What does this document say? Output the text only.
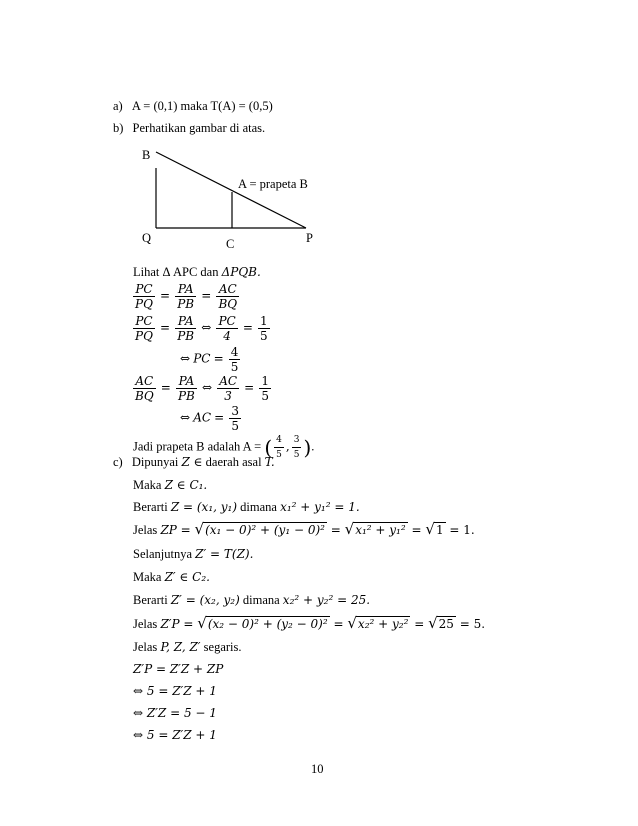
a) A = (0,1) maka T(A) = (0,5)
b) Perhatikan gambar di atas.
B
A = prapeta B
Q	C	P
Lihat Δ APC dan ΔPQB.
$\frac{PC}{PQ} = \frac{PA}{PB} = \frac{AC}{BQ}$
$\frac{PC}{PQ} = \frac{PA}{PB}$ ⇔ $\frac{PC}{4} = \frac{1}{5}$
⇔ PC = $\frac{4}{5}$
$\frac{AC}{BQ} = \frac{PA}{PB}$ ⇔ $\frac{AC}{3} = \frac{1}{5}$
⇔ AC = $\frac{3}{5}$
Jadi prapeta B adalah A = ( $\frac{4}{5}$ , $\frac{3}{5}$ ).
c) Dipunyai Z ∈ daerah asal T.
Maka Z ∈ C₁.
Berarti Z = (x₁, y₁) dimana x₁² + y₁² = 1.
Jelas ZP = √(x₁ − 0)² + (y₁ − 0)² = √x₁² + y₁² = √1 = 1.
Selanjutnya Z′ = T(Z).
Maka Z′ ∈ C₂.
Berarti Z′ = (x₂, y₂) dimana x₂² + y₂² = 25.
Jelas Z′P = √(x₂ − 0)² + (y₂ − 0)² = √x₂² + y₂² = √25 = 5.
Jelas P, Z, Z′ segaris.
Z′P = Z′Z + ZP
⇔ 5 = Z′Z + 1
⇔ Z′Z = 5 − 1
⇔ 5 = Z′Z + 1
10
